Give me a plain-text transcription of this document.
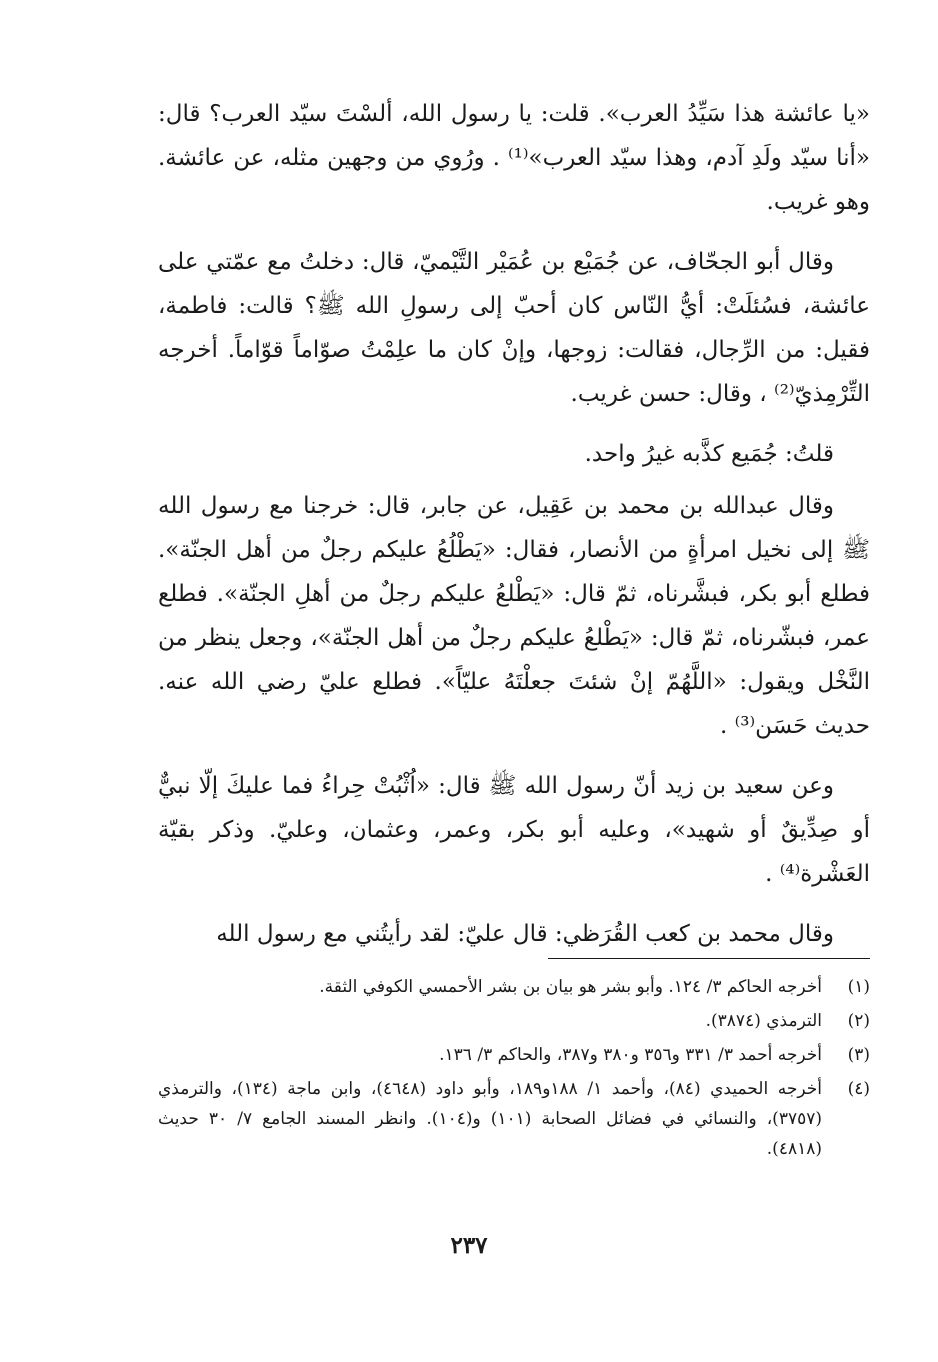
«يا عائشة هذا سَيِّدُ العرب». قلت: يا رسول الله، ألسْتَ سيّد العرب؟ قال: «أنا سيّد ولَدِ آدم، وهذا سيّد العرب»⁽¹⁾ . ورُوي من وجهين مثله، عن عائشة. وهو غريب.

وقال أبو الجحّاف، عن جُمَيْع بن عُمَيْر التَّيْميّ، قال: دخلتُ مع عمّتي على عائشة، فسُئلَتْ: أيُّ النّاس كان أحبّ إلى رسولِ الله ﷺ؟ قالت: فاطمة، فقيل: من الرِّجال، فقالت: زوجها، وإنْ كان ما علِمْتُ صوّاماً قوّاماً. أخرجه التِّرْمِذيّ⁽²⁾ ، وقال: حسن غريب.

قلتُ: جُمَيع كذَّبه غيرُ واحد.

وقال عبدالله بن محمد بن عَقِيل، عن جابر، قال: خرجنا مع رسول الله ﷺ إلى نخيل امرأةٍ من الأنصار، فقال: «يَطْلُعُ عليكم رجلٌ من أهل الجنّة». فطلع أبو بكر، فبشَّرناه، ثمّ قال: «يَطْلعُ عليكم رجلٌ من أهلِ الجنّة». فطلع عمر، فبشّرناه، ثمّ قال: «يَطْلعُ عليكم رجلٌ من أهل الجنّة»، وجعل ينظر من النَّخْل ويقول: «اللَّهُمّ إنْ شئتَ جعلْتَهُ عليّاً». فطلع عليّ رضي الله عنه. حديث حَسَن⁽³⁾ .

وعن سعيد بن زيد أنّ رسول الله ﷺ قال: «اُثْبُتْ حِراءُ فما عليكَ إلّا نبيٌّ أو صِدِّيقٌ أو شهيد»، وعليه أبو بكر، وعمر، وعثمان، وعليّ. وذكر بقيّة العَشْرة⁽⁴⁾ .

وقال محمد بن كعب القُرَظي: قال عليّ: لقد رأيتُني مع رسول الله

(١)
أخرجه الحاكم ٣/ ١٢٤. وأبو بشر هو بيان بن بشر الأحمسي الكوفي الثقة.
(٢)
الترمذي (٣٨٧٤).
(٣)
أخرجه أحمد ٣/ ٣٣١ و٣٥٦ و٣٨٠ و٣٨٧، والحاكم ٣/ ١٣٦.
(٤)
أخرجه الحميدي (٨٤)، وأحمد ١/ ١٨٨و١٨٩، وأبو داود (٤٦٤٨)، وابن ماجة (١٣٤)، والترمذي (٣٧٥٧)، والنسائي في فضائل الصحابة (١٠١) و(١٠٤). وانظر المسند الجامع ٧/ ٣٠ حديث (٤٨١٨).
٢٣٧
